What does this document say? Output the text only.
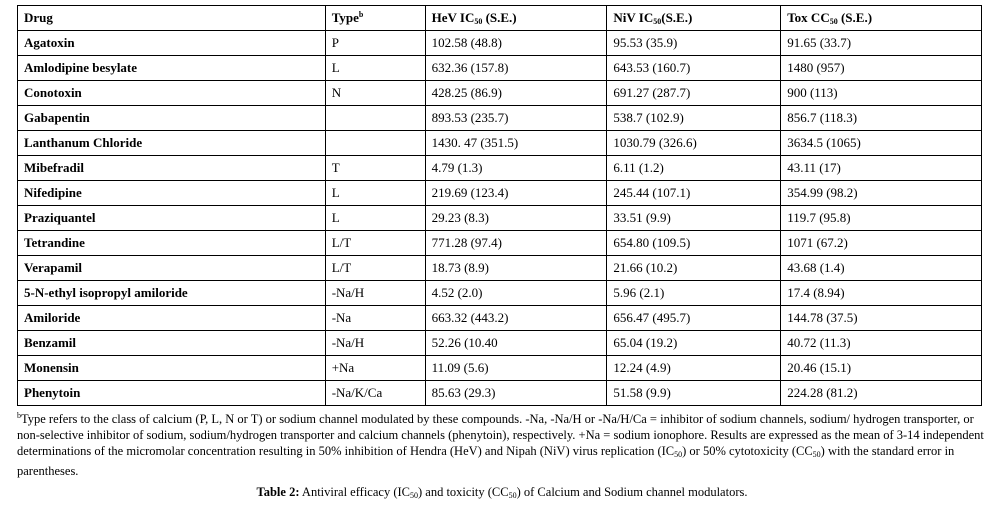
Drug	Type$^b$	HeV $IC_{50}$ (S.E.)	NiV $IC_{50}(S.E.)$	Tox $CC_{50}$ (S.E.)
Agatoxin	P	102.58 (48.8)	95.53 (35.9)	91.65 (33.7)
Amlodipine besylate	L	632.36 (157.8)	643.53 (160.7)	1480 (957)
Conotoxin	N	428.25 (86.9)	691.27 (287.7)	900 (113)
Gabapentin		893.53 (235.7)	538.7 (102.9)	856.7 (118.3)
Lanthanum Chloride		1430. 47 (351.5)	1030.79 (326.6)	3634.5 (1065)
Mibefradil	T	4.79 (1.3)	6.11 (1.2)	43.11 (17)
Nifedipine	L	219.69 (123.4)	245.44 (107.1)	354.99 (98.2)
Praziquantel	L	29.23 (8.3)	33.51 (9.9)	119.7 (95.8)
Tetrandine	L/T	771.28 (97.4)	654.80 (109.5)	1071 (67.2)
Verapamil	L/T	18.73 (8.9)	21.66 (10.2)	43.68 (1.4)
5-N-ethyl isopropyl amiloride	-Na/H	4.52 (2.0)	5.96 (2.1)	17.4 (8.94)
Amiloride	-Na	663.32 (443.2)	656.47 (495.7)	144.78 (37.5)
Benzamil	-Na/H	52.26 (10.40	65.04 (19.2)	40.72 (11.3)
Monensin	+Na	11.09 (5.6)	12.24 (4.9)	20.46 (15.1)
Phenytoin	-Na/K/Ca	85.63 (29.3)	51.58 (9.9)	224.28 (81.2)
$^b$Type refers to the class of calcium (P, L, N or T) or sodium channel modulated by these compounds. -Na, -Na/H or -Na/H/Ca = inhibitor of sodium channels, sodium/ hydrogen transporter, or non-selective inhibitor of sodium, sodium/hydrogen transporter and calcium channels (phenytoin), respectively. +Na = sodium ionophore. Results are expressed as the mean of 3-14 independent determinations of the micromolar concentration resulting in 50% inhibition of Hendra (HeV) and Nipah (NiV) virus replication $(IC_{50})$ or 50% cytotoxicity $(CC_{50})$ with the standard error in parentheses.
Table 2: Antiviral efficacy $(IC_{50})$ and toxicity $(CC_{50})$ of Calcium and Sodium channel modulators.
